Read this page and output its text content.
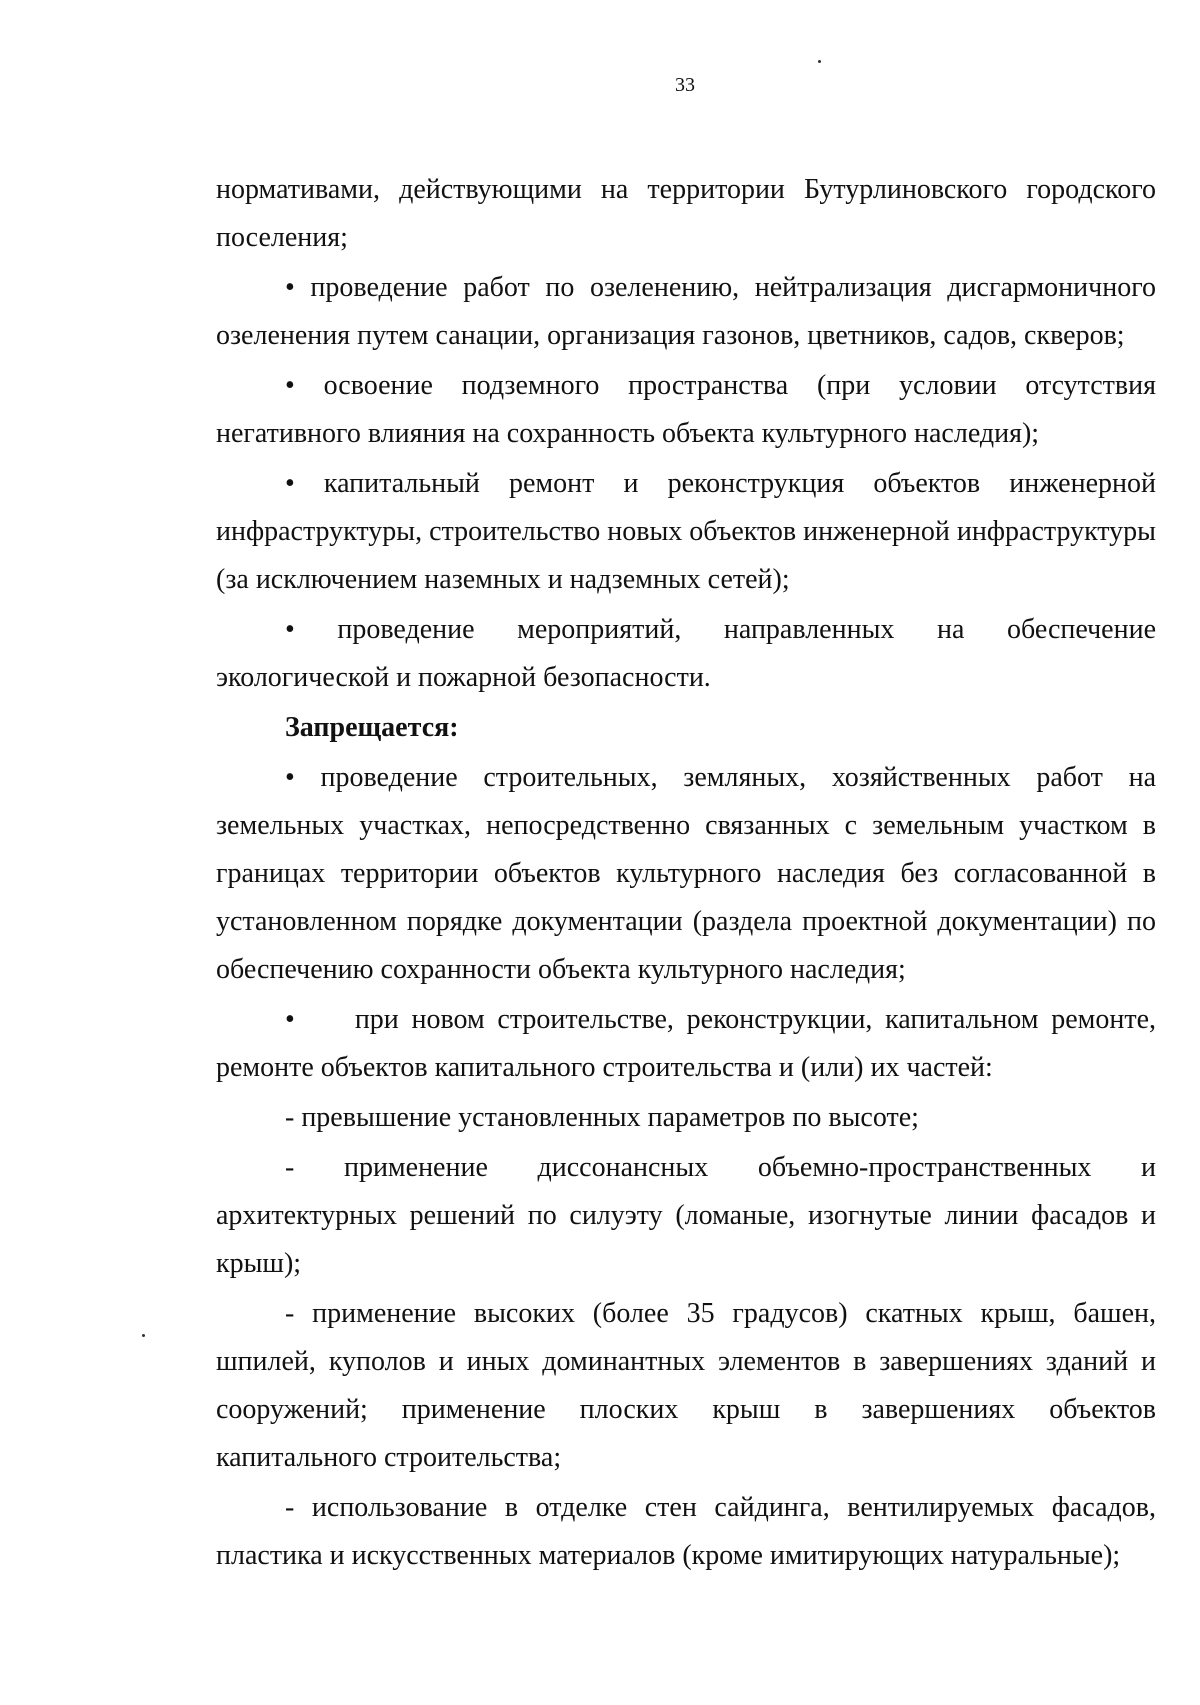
33

нормативами, действующими на территории Бутурлиновского городского поселения;

• проведение работ по озеленению, нейтрализация дисгармоничного озеленения путем санации, организация газонов, цветников, садов, скверов;

• освоение подземного пространства (при условии отсутствия негативного влияния на сохранность объекта культурного наследия);

• капитальный ремонт и реконструкция объектов инженерной инфраструктуры, строительство новых объектов инженерной инфраструктуры (за исключением наземных и надземных сетей);

• проведение мероприятий, направленных на обеспечение экологической и пожарной безопасности.

Запрещается:

• проведение строительных, земляных, хозяйственных работ на земельных участках, непосредственно связанных с земельным участком в границах территории объектов культурного наследия без согласованной в установленном порядке документации (раздела проектной документации) по обеспечению сохранности объекта культурного наследия;

• при новом строительстве, реконструкции, капитальном ремонте, ремонте объектов капитального строительства и (или) их частей:

- превышение установленных параметров по высоте;

- применение диссонансных объемно-пространственных и архитектурных решений по силуэту (ломаные, изогнутые линии фасадов и крыш);

- применение высоких (более 35 градусов) скатных крыш, башен, шпилей, куполов и иных доминантных элементов в завершениях зданий и сооружений; применение плоских крыш в завершениях объектов капитального строительства;

- использование в отделке стен сайдинга, вентилируемых фасадов, пластика и искусственных материалов (кроме имитирующих натуральные);
